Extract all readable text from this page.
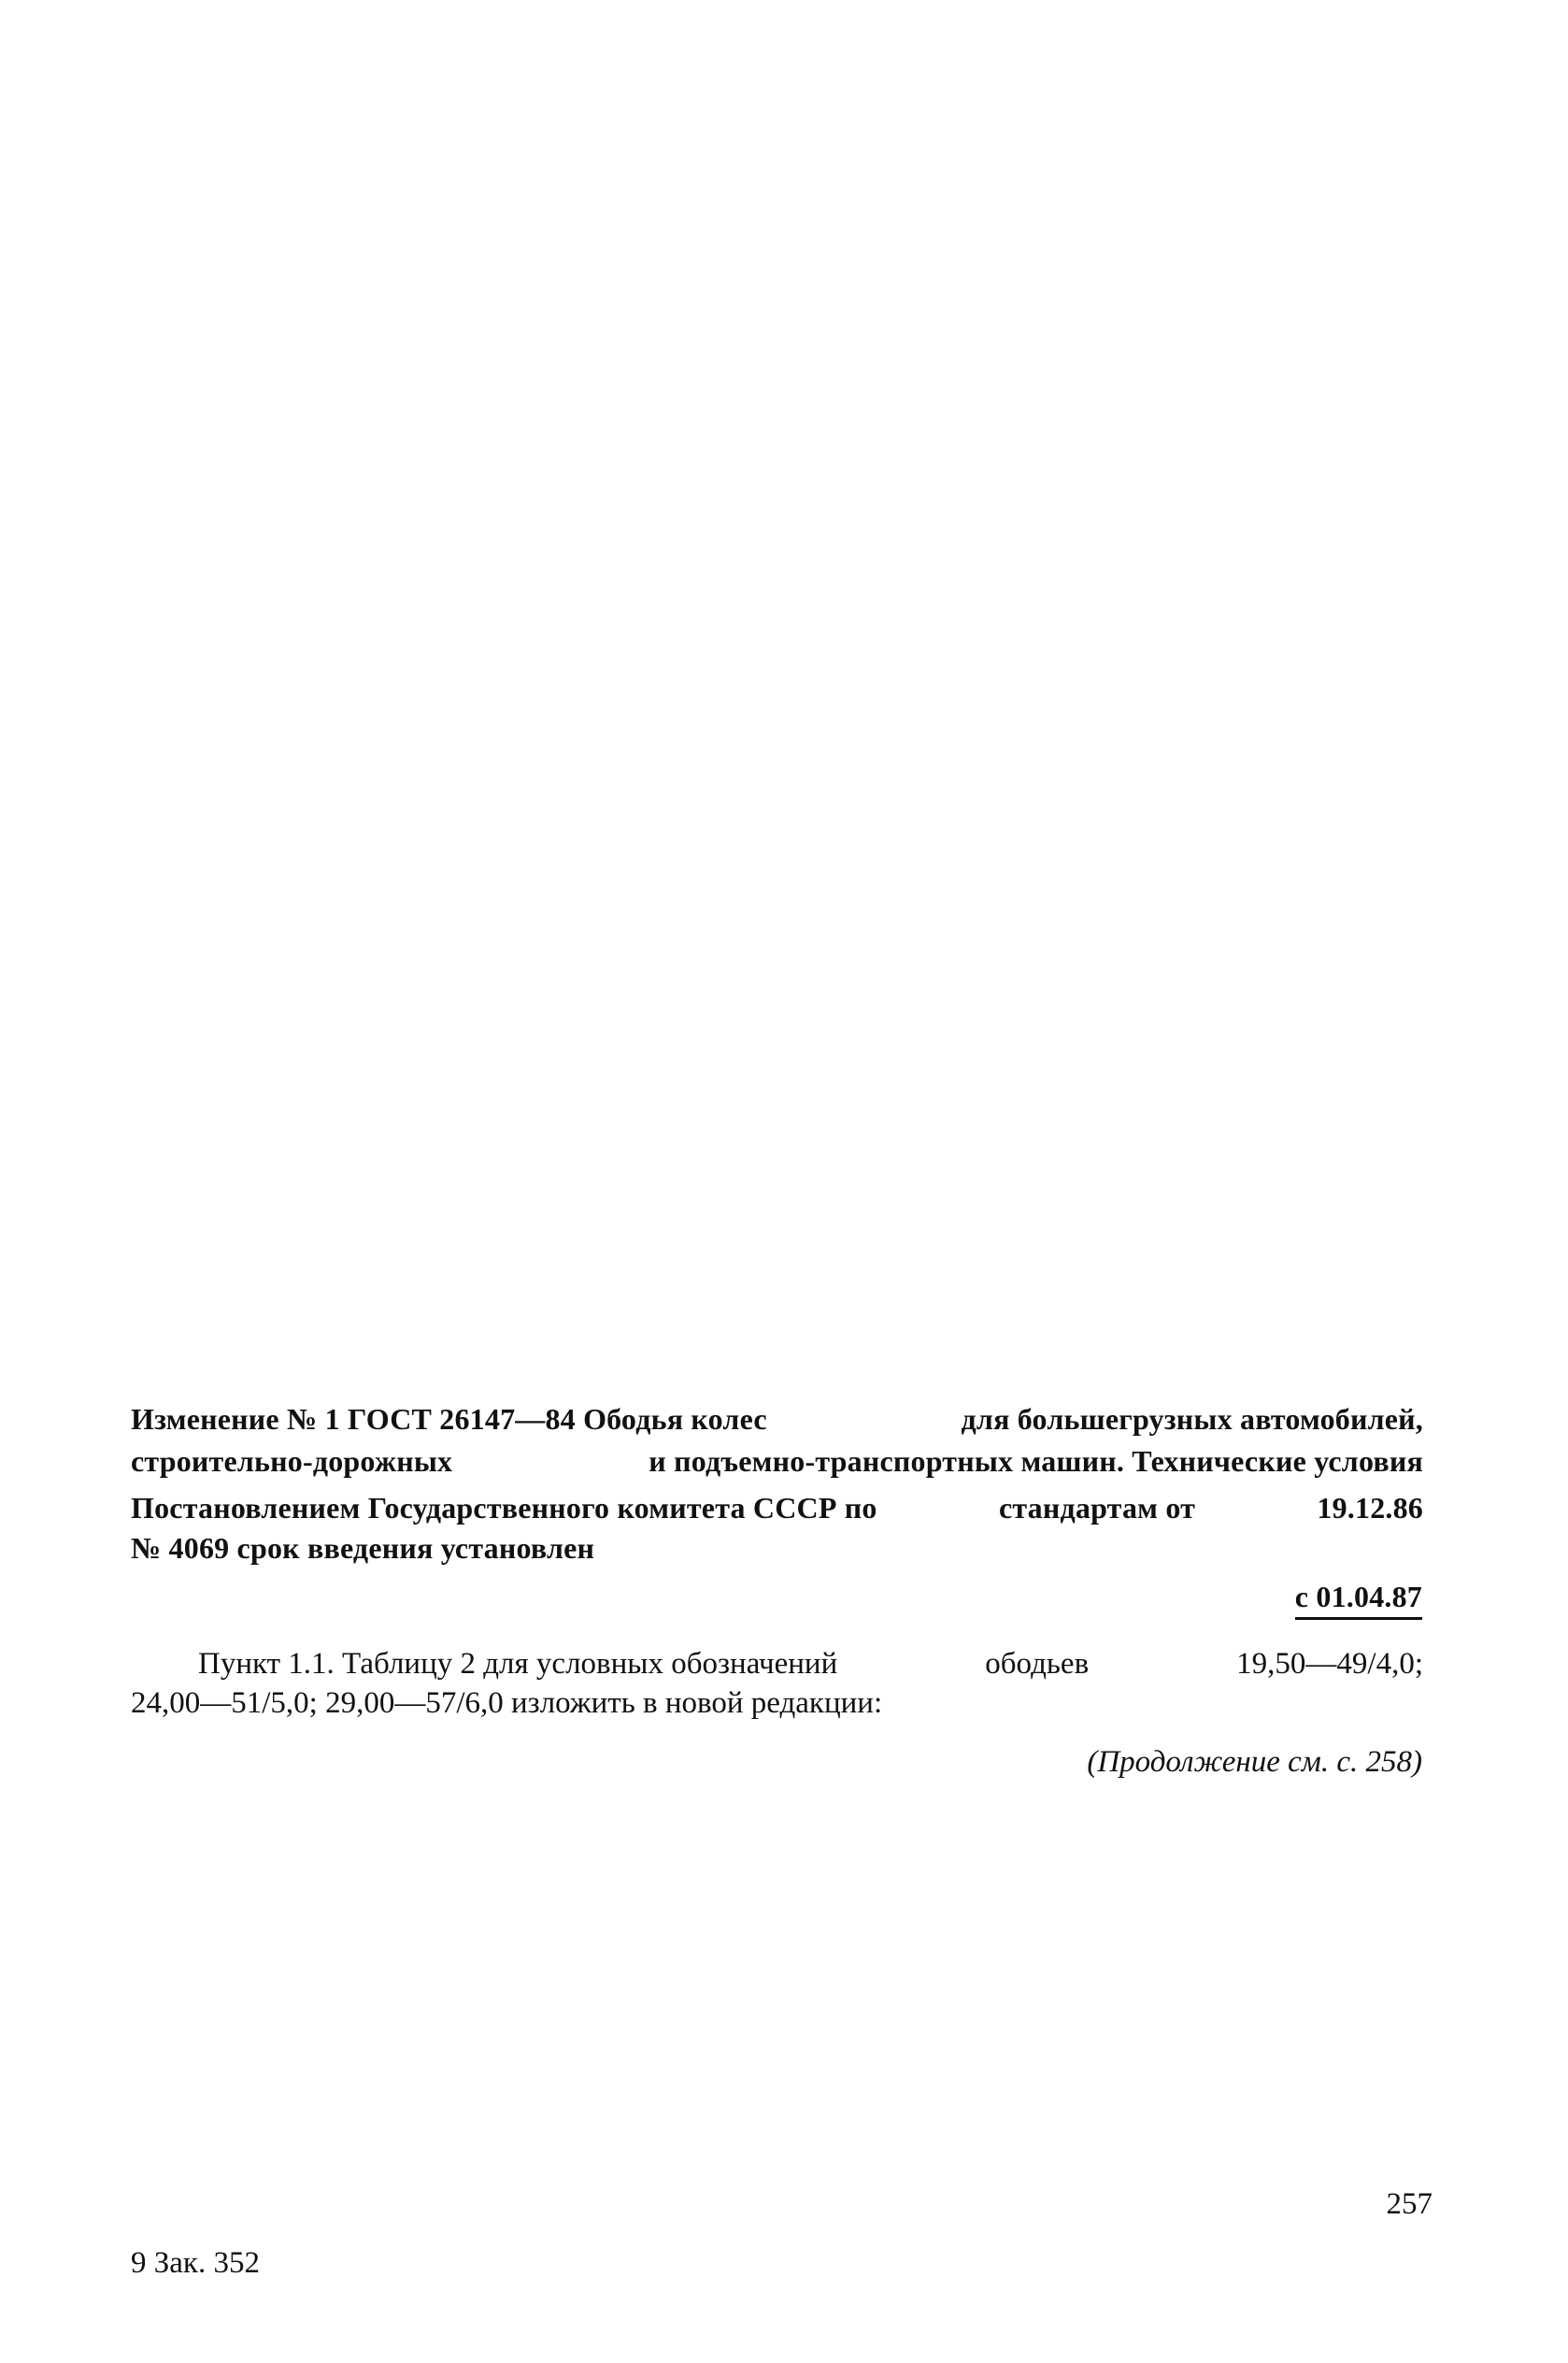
Изменение № 1 ГОСТ 26147—84 Ободья колес	для большегрузных автомобилей,
строительно-дорожных	и подъемно-транспортных машин. Технические условия
Постановлением Государственного комитета СССР по	стандартам от	19.12.86

№ 4069 срок введения установлен

с 01.04.87

Пункт 1.1. Таблицу 2 для условных обозначений	ободьев	19,50—49/4,0;

24,00—51/5,0; 29,00—57/6,0 изложить в новой редакции:

(Продолжение см. с. 258)

257

9 Зак. 352
